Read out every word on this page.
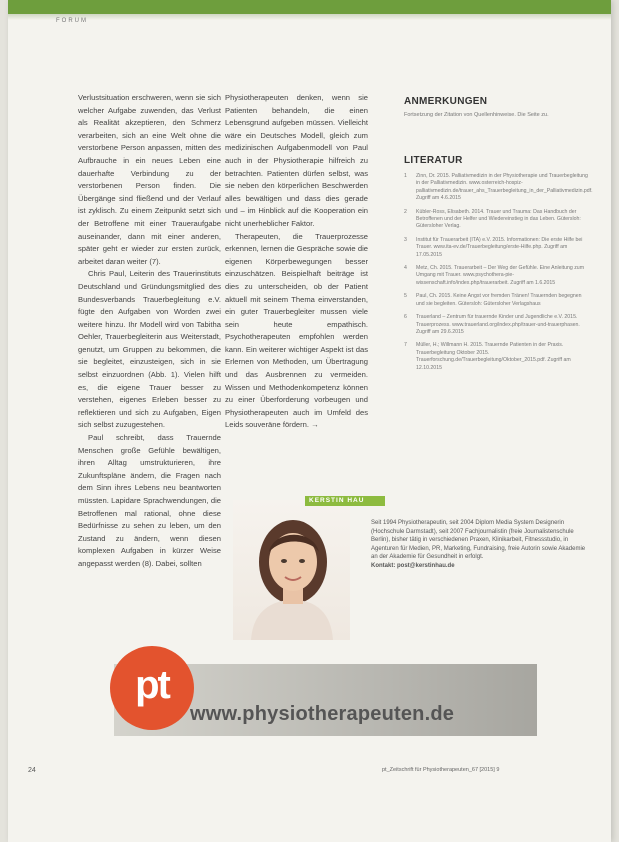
FORUM

Verlustsituation erschweren, wenn sie sich welcher Aufgabe zuwenden, das Verlust als Realität akzeptieren, den Schmerz verarbeiten, sich an eine Welt ohne die verstorbene Person anpassen, mitten des Aufbrauche in ein neues Leben eine dauerhafte Verbindung zu der verstorbenen Person finden. Die Übergänge sind fließend und der Verlauf ist zyklisch. Zu einem Zeitpunkt setzt sich der Betroffene mit einer Traueraufgabe auseinander, dann mit einer anderen, später geht er wieder zur ersten zurück, arbeitet daran weiter (7).

Chris Paul, Leiterin des Trauerinstituts Deutschland und Gründungsmitglied des Bundesverbands Trauerbegleitung e.V. fügte den Aufgaben von Worden zwei weitere hinzu. Ihr Modell wird von Tabitha Oehler, Trauerbegleiterin aus Weiterstadt, genutzt, um Gruppen zu bekommen, die sie begleitet, einzusteigen, sich in sie selbst einzuordnen (Abb. 1). Vielen hilft es, die eigene Trauer besser zu verstehen, eigenes Erleben besser zu reflektieren und sich zu Aufgaben, Eigen sich selbst zuzugestehen.

Paul schreibt, dass Trauernde Menschen große Gefühle bewältigen, ihren Alltag umstrukturieren, ihre Zukunftspläne ändern, die Fragen nach dem Sinn ihres Lebens neu beantworten müssten. Lapidare Sprachwendungen, die Betroffenen mal rational, ohne diese Bedürfnisse zu sehen zu leben, um den Zustand zu ändern, wenn diesen komplexen Aufgaben in kürzer Weise angepasst werden (8). Dabei, sollten

Physiotherapeuten denken, wenn sie Patienten behandeln, die einen Lebensgrund aufgeben müssen. Vielleicht wäre ein Deutsches Modell, gleich zum medizinischen Aufgabenmodell von Paul auch in der Physiotherapie hilfreich zu betrachten. Patienten dürfen selbst, was sie neben den körperlichen Beschwerden alles bewältigen und dass dies gerade und – im Hinblick auf die Kooperation ein nicht unerheblicher Faktor.

Therapeuten, die Trauerprozesse erkennen, lernen die Gespräche sowie die eigenen Körperbewegungen besser einzuschätzen. Beispielhaft beiträge ist dies zu unterscheiden, ob der Patient aktuell mit seinem Thema einverstanden, ein guter Trauerbegleiter mussen viele sein heute empathisch. Psychotherapeuten empfohlen werden kann. Ein weiterer wichtiger Aspekt ist das Erlernen von Methoden, um Übertragung und das Ausbrennen zu vermeiden. Wissen und Methodenkompetenz können zu einer Überforderung vorbeugen und Physiotherapeuten auch im Umfeld des Leids souveräne fördern. →

ANMERKUNGEN
Fortsetzung der Zitation von Quellenhinweise. Die Seite zu.
LITERATUR
1	Zinn, Dr. 2015. Palliativmedizin in der Physiotherapie und Trauerbegleitung in der Palliativmedizin. www.osterreich-hospiz-palliativmedizin.de/trauer_ahs_Trauerbegleitung_in_der_Palliativmedizin.pdf. Zugriff am 4.6.2015
2	Kübler-Ross, Elisabeth. 2014. Trauer und Trauma: Das Handbuch der Betroffenen und der Helfer und Wiedereinstieg in das Leben. Gütersloh: Gütersloher Verlag.
3	Institut für Trauerarbeit (ITA) e.V. 2015. Informationen: Die erste Hilfe bei Trauer. www.ita-ev.de/Trauerbegleitung/erste-Hilfe.php. Zugriff am 17.05.2015
4	Metz, Ch. 2015. Trauerarbeit – Der Weg der Gefühle. Eine Anleitung zum Umgang mit Trauer. www.psychothera-pie-wissenschaft.info/index.php/trauerarbeit. Zugriff am 1.6.2015
5	Paul, Ch. 2015. Keine Angst vor fremden Tränen! Trauernden begegnen und sie begleiten. Gütersloh: Gütersloher Verlagshaus
6	Trauerland – Zentrum für trauernde Kinder und Jugendliche e.V. 2015. Trauerprozess. www.trauerland.org/index.php/trauer-und-trauerphasen. Zugriff am 29.6.2015
7	Müller, H.; Willmann H. 2015. Trauernde Patienten in der Praxis. Trauerbegleitung Oktober 2015. Trauerforschung.de/Trauerbegleitung/Oktober_2015.pdf. Zugriff am 12.10.2015
KERSTIN HAU
Seit 1994 Physiotherapeutin, seit 2004 Diplom Media System Designerin (Hochschule Darmstadt), seit 2007 Fachjournalistin (freie Journalistenschule Berlin), bisher tätig in verschiedenen Praxen, Klinikarbeit, Fitnessstudio, in Agenturen für Medien, PR, Marketing, Fundraising, freie Autorin sowie Akademie an der Akademie für Gesundheit in erfolgt.
Kontakt: post@kerstinhau.de
pt
www.physiotherapeuten.de
24	pt_Zeitschrift für Physiotherapeuten_67 [2015] 9
